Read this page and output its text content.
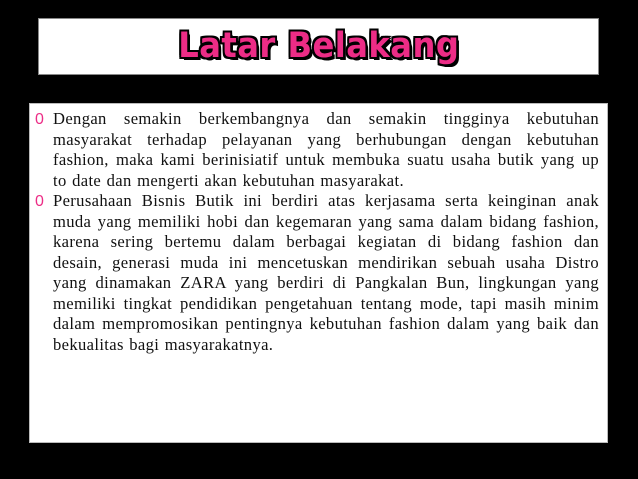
Latar Belakang
0 Dengan semakin berkembangnya dan semakin tingginya kebutuhan masyarakat terhadap pelayanan yang berhubungan dengan kebutuhan fashion, maka kami berinisiatif untuk membuka suatu usaha butik yang up to date dan mengerti akan kebutuhan masyarakat.
0 Perusahaan Bisnis Butik ini berdiri atas kerjasama serta keinginan anak muda yang memiliki hobi dan kegemaran yang sama dalam bidang fashion, karena sering bertemu dalam berbagai kegiatan di bidang fashion dan desain, generasi muda ini mencetuskan mendirikan sebuah usaha Distro yang dinamakan ZARA yang berdiri di Pangkalan Bun, lingkungan yang memiliki tingkat pendidikan pengetahuan tentang mode, tapi masih minim dalam mempromosikan pentingnya kebutuhan fashion dalam yang baik dan bekualitas bagi masyarakatnya.
